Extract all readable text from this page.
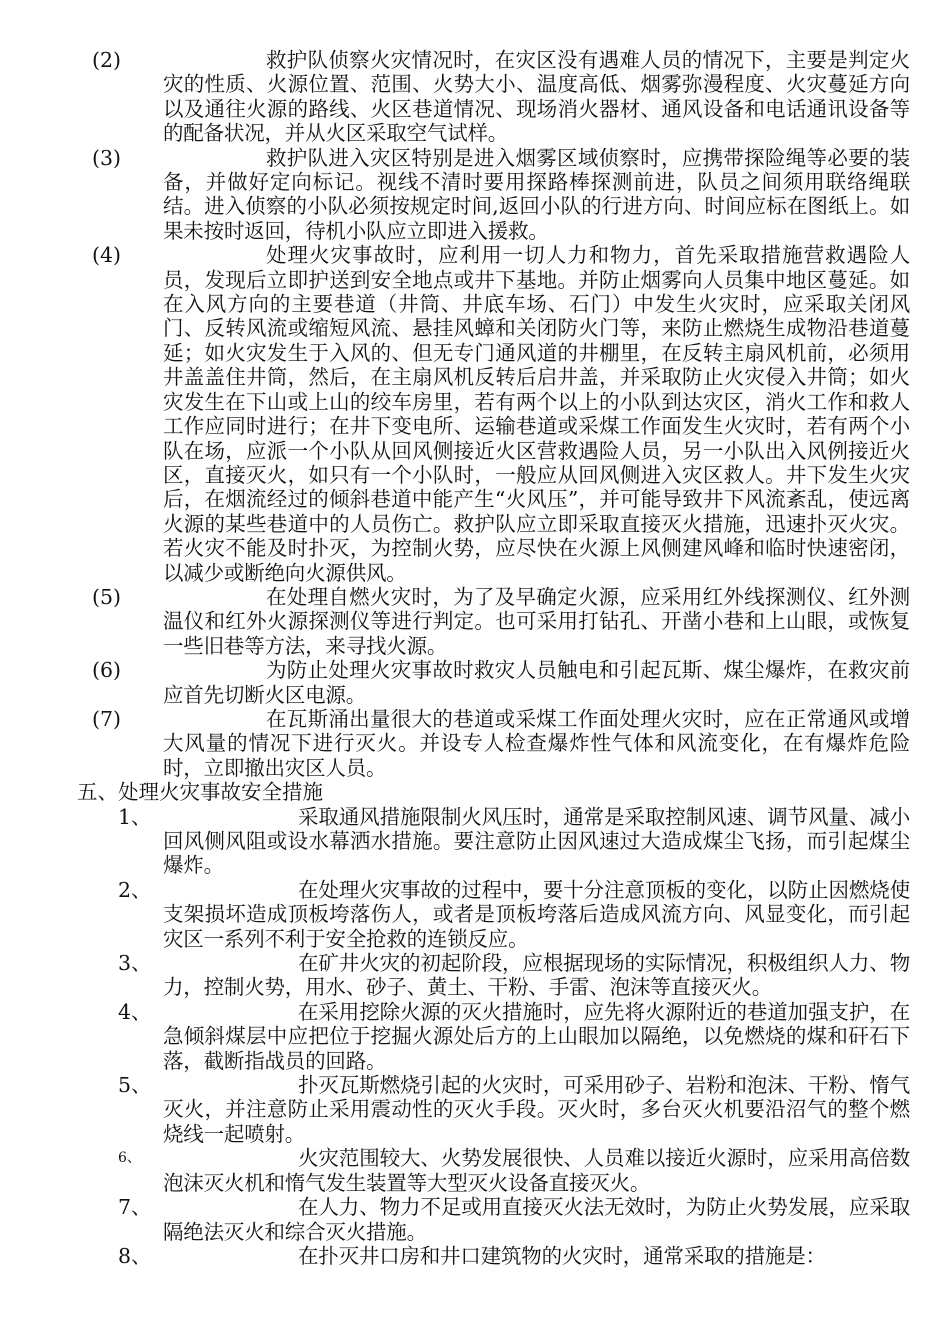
(2)	救护队侦察火灾情况时，在灾区没有遇难人员的情况下，主要是判定火灾的性质、火源位置、范围、火势大小、温度高低、烟雾弥漫程度、火灾蔓延方向以及通往火源的路线、火区巷道情况、现场消火器材、通风设备和电话通讯设备等的配备状况，并从火区采取空气试样。
(3)	救护队进入灾区特别是进入烟雾区域侦察时，应携带探险绳等必要的装备，并做好定向标记。视线不清时要用探路棒探测前进，队员之间须用联络绳联结。进入侦察的小队必须按规定时间,返回小队的行进方向、时间应标在图纸上。如果未按时返回，待机小队应立即进入援救。
(4)	处理火灾事故时，应利用一切人力和物力，首先采取措施营救遇险人员，发现后立即护送到安全地点或井下基地。并防止烟雾向人员集中地区蔓延。如在入风方向的主要巷道（井筒、井底车场、石门）中发生火灾时，应采取关闭风门、反转风流或缩短风流、悬挂风蟑和关闭防火门等，来防止燃烧生成物沿巷道蔓延；如火灾发生于入风的、但无专门通风道的井棚里，在反转主扇风机前，必须用井盖盖住井筒，然后，在主扇风机反转后启井盖，并采取防止火灾侵入井筒；如火灾发生在下山或上山的绞车房里，若有两个以上的小队到达灾区，消火工作和救人工作应同时进行；在井下变电所、运输巷道或采煤工作面发生火灾时，若有两个小队在场，应派一个小队从回风侧接近火区营救遇险人员，另一小队出入风例接近火区，直接灭火，如只有一个小队时，一般应从回风侧进入灾区救人。井下发生火灾后，在烟流经过的倾斜巷道中能产生“火风压”，并可能导致井下风流紊乱，使远离火源的某些巷道中的人员伤亡。救护队应立即采取直接灭火措施，迅速扑灭火灾。若火灾不能及时扑灭，为控制火势，应尽快在火源上风侧建风峰和临时快速密闭，以减少或断绝向火源供风。
(5)	在处理自燃火灾时，为了及早确定火源，应采用红外线探测仪、红外测温仪和红外火源探测仪等进行判定。也可采用打钻孔、开凿小巷和上山眼，或恢复一些旧巷等方法，来寻找火源。
(6)	为防止处理火灾事故时救灾人员触电和引起瓦斯、煤尘爆炸，在救灾前应首先切断火区电源。
(7)	在瓦斯涌出量很大的巷道或采煤工作面处理火灾时，应在正常通风或增大风量的情况下进行灭火。并设专人检查爆炸性气体和风流变化，在有爆炸危险时，立即撤出灾区人员。
五、处理火灾事故安全措施
1、	采取通风措施限制火风压时，通常是采取控制风速、调节风量、减小回风侧风阻或设水幕洒水措施。要注意防止因风速过大造成煤尘飞扬，而引起煤尘爆炸。
2、	在处理火灾事故的过程中，要十分注意顶板的变化，以防止因燃烧使支架损坏造成顶板垮落伤人，或者是顶板垮落后造成风流方向、风显变化，而引起灾区一系列不利于安全抢救的连锁反应。
3、	在矿井火灾的初起阶段，应根据现场的实际情况，积极组织人力、物力，控制火势，用水、砂子、黄土、干粉、手雷、泡沫等直接灭火。
4、	在采用挖除火源的灭火措施时，应先将火源附近的巷道加强支护，在急倾斜煤层中应把位于挖掘火源处后方的上山眼加以隔绝，以免燃烧的煤和矸石下落，截断指战员的回路。
5、	扑灭瓦斯燃烧引起的火灾时，可采用砂子、岩粉和泡沫、干粉、惰气灭火，并注意防止采用震动性的灭火手段。灭火时，多台灭火机要沿沼气的整个燃烧线一起喷射。
6、	火灾范围较大、火势发展很快、人员难以接近火源时，应采用高倍数泡沫灭火机和惰气发生装置等大型灭火设备直接灭火。
7、	在人力、物力不足或用直接灭火法无效时，为防止火势发展，应采取隔绝法灭火和综合灭火措施。
8、	在扑灭井口房和井口建筑物的火灾时，通常采取的措施是：
